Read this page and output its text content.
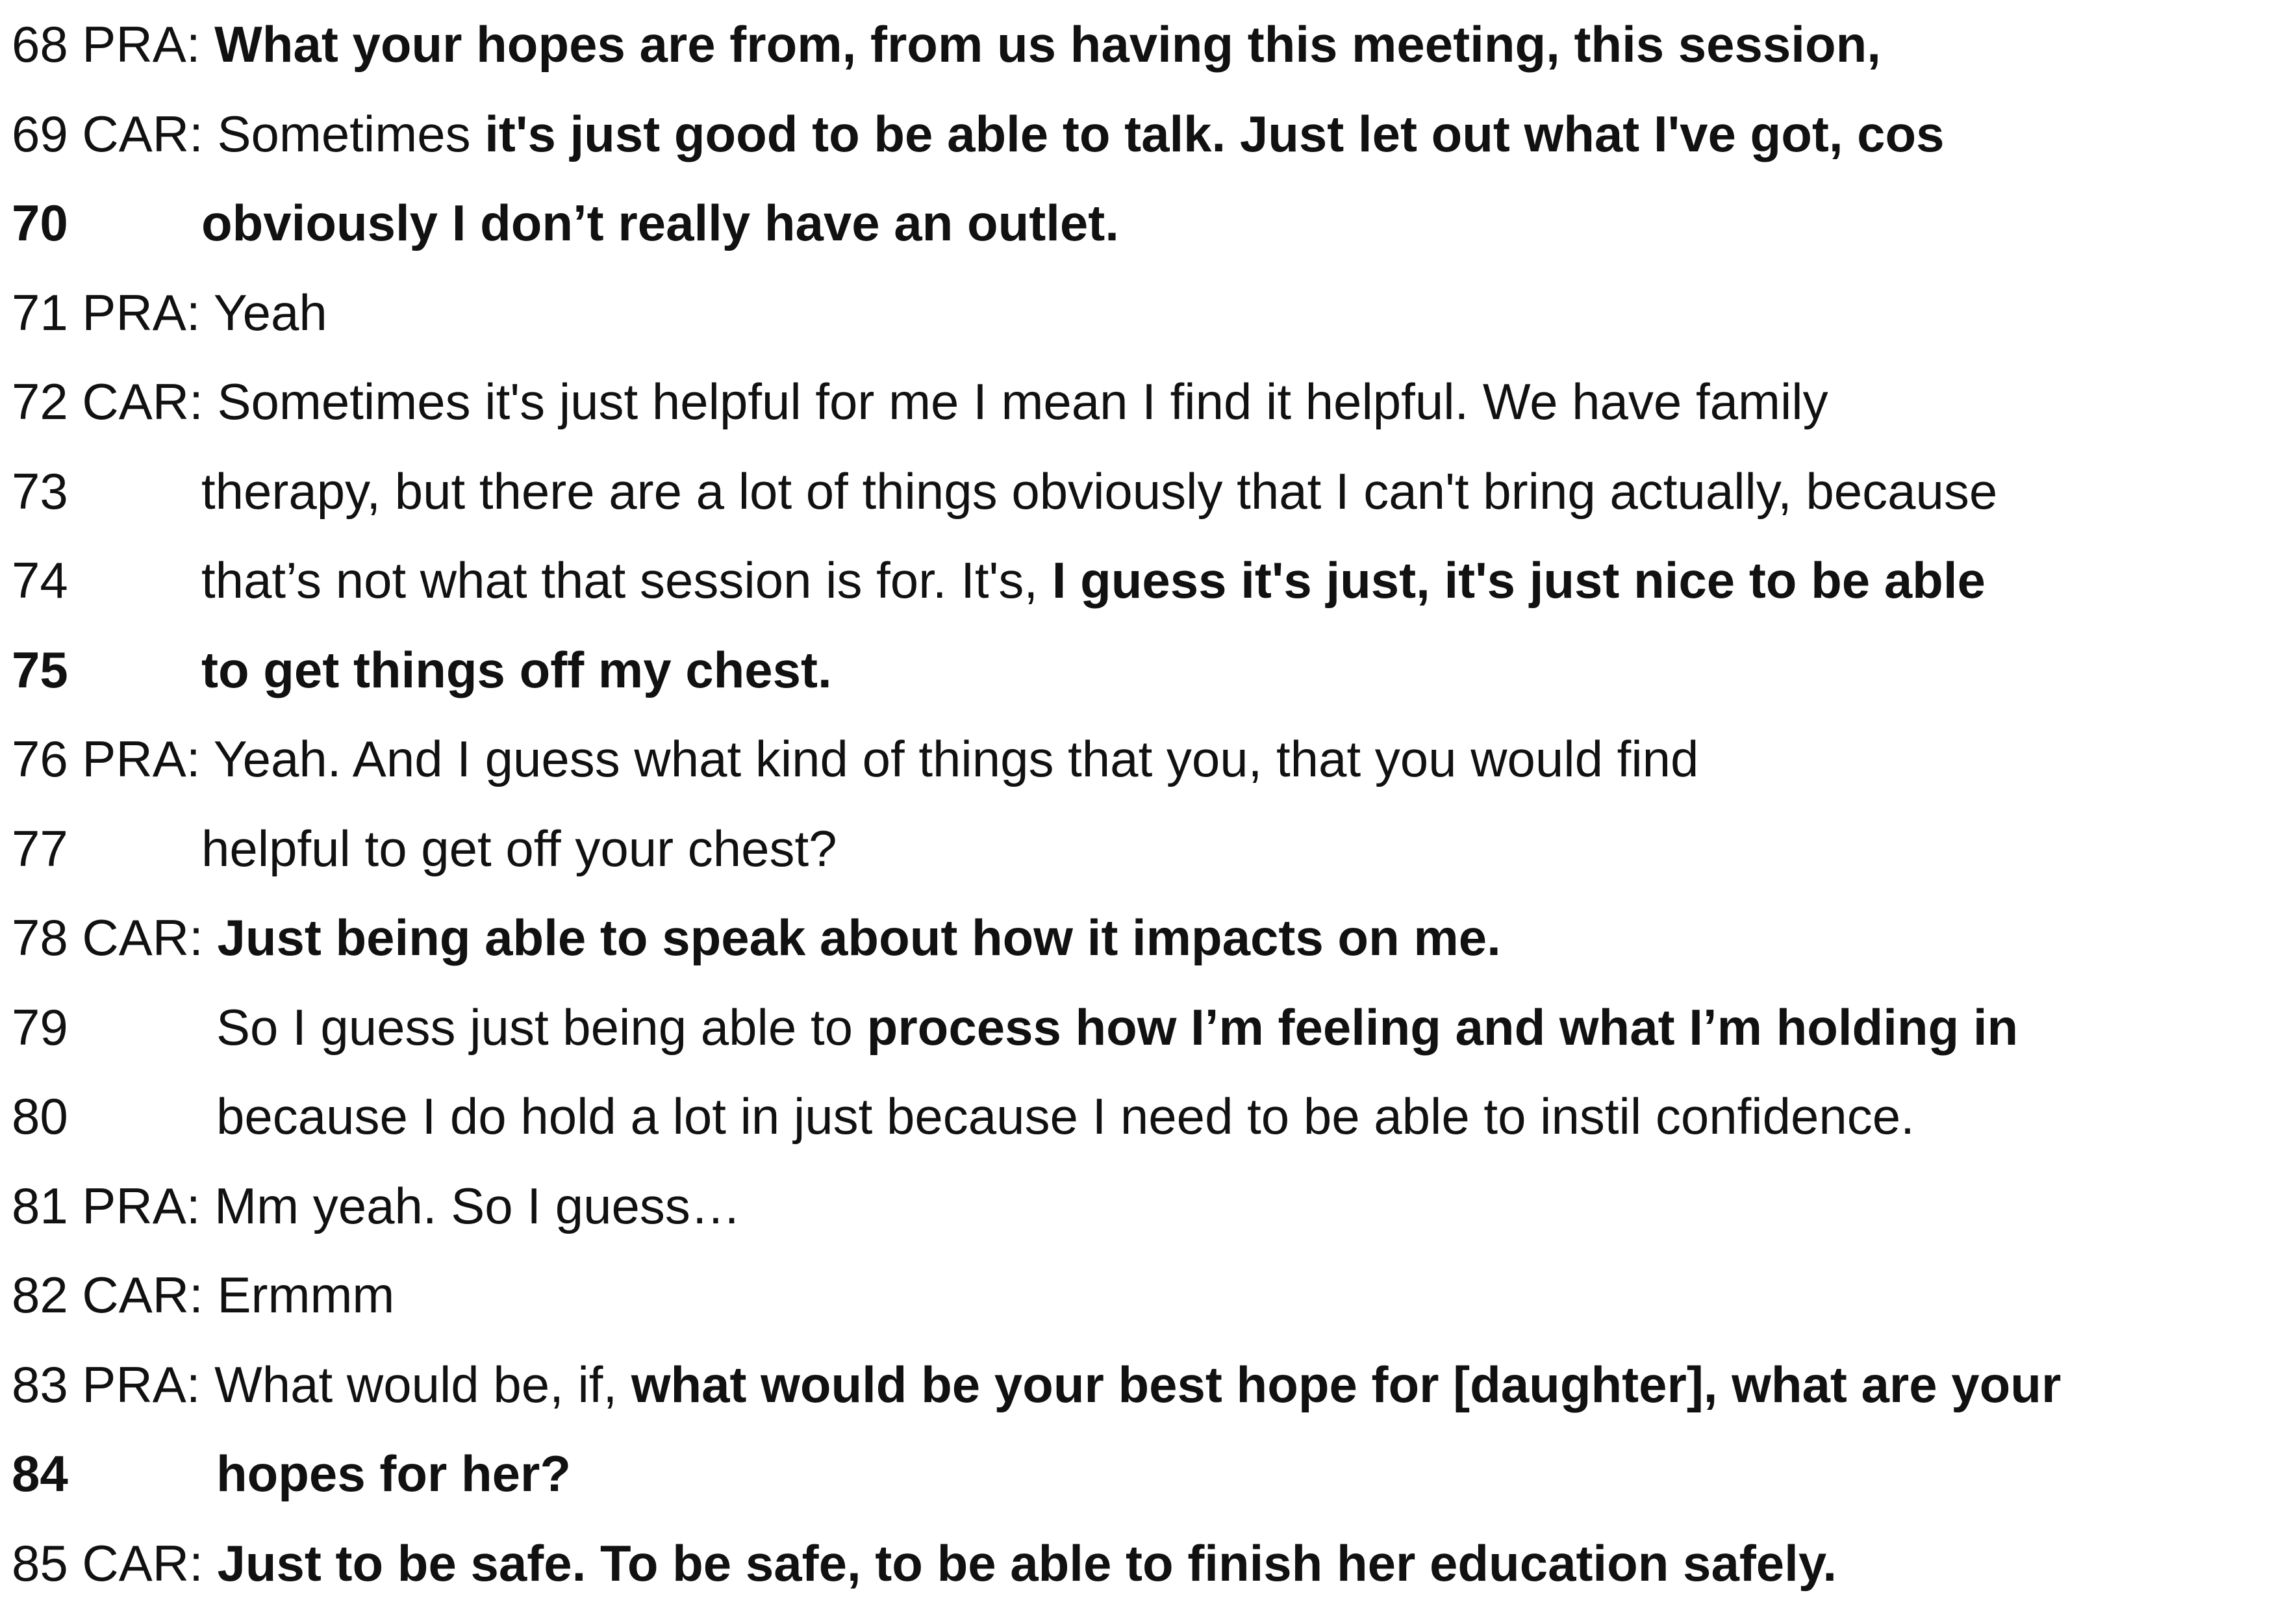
68 PRA: What your hopes are from, from us having this meeting, this session,
69 CAR: Sometimes it's just good to be able to talk. Just let out what I've got, cos
70	obviously I don’t really have an outlet.
71 PRA: Yeah
72 CAR: Sometimes it's just helpful for me I mean I find it helpful. We have family
73	therapy, but there are a lot of things obviously that I can't bring actually, because
74	that’s not what that session is for. It's, I guess it's just, it's just nice to be able
75	to get things off my chest.
76 PRA: Yeah. And I guess what kind of things that you, that you would find
77	helpful to get off your chest?
78 CAR: Just being able to speak about how it impacts on me.
79	So I guess just being able to process how I’m feeling and what I’m holding in
80	because I do hold a lot in just because I need to be able to instil confidence.
81 PRA: Mm yeah. So I guess…
82 CAR: Ermmm
83 PRA: What would be, if, what would be your best hope for [daughter], what are your
84	hopes for her?
85 CAR: Just to be safe. To be safe, to be able to finish her education safely.
